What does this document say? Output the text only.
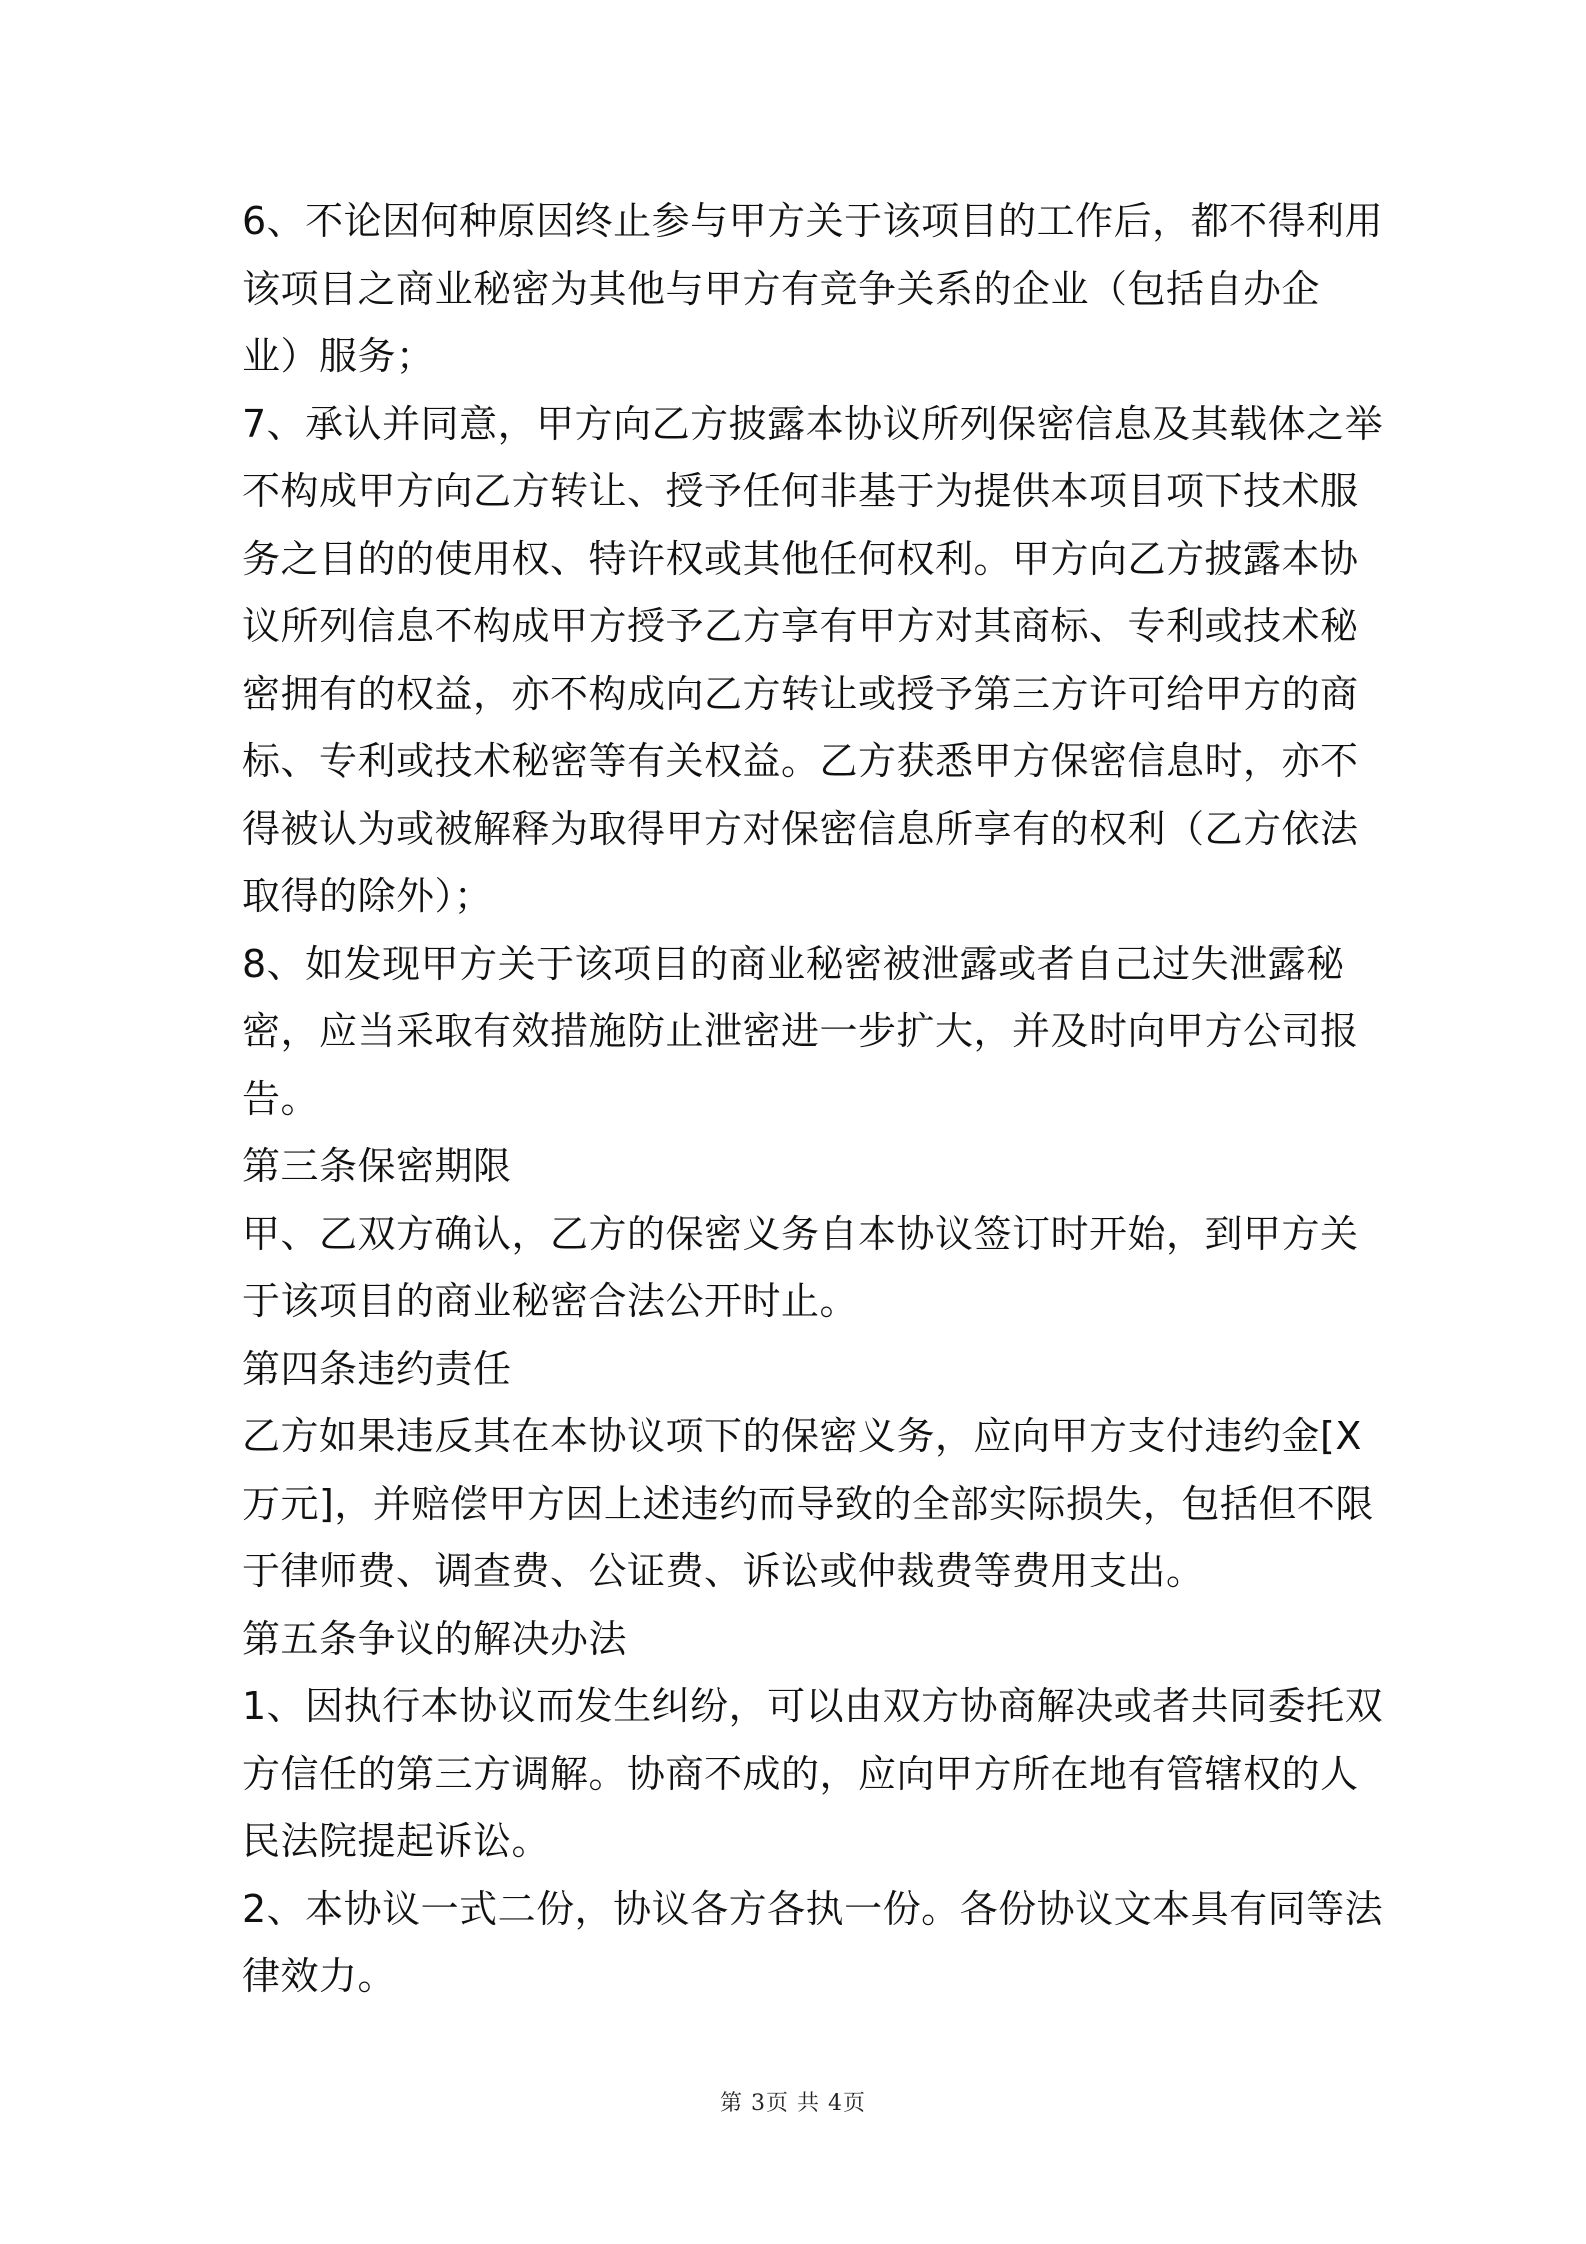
6、不论因何种原因终止参与甲方关于该项目的工作后，都不得利用
该项目之商业秘密为其他与甲方有竞争关系的企业（包括自办企
业）服务；
7、承认并同意，甲方向乙方披露本协议所列保密信息及其载体之举
不构成甲方向乙方转让、授予任何非基于为提供本项目项下技术服
务之目的的使用权、特许权或其他任何权利。甲方向乙方披露本协
议所列信息不构成甲方授予乙方享有甲方对其商标、专利或技术秘
密拥有的权益，亦不构成向乙方转让或授予第三方许可给甲方的商
标、专利或技术秘密等有关权益。乙方获悉甲方保密信息时，亦不
得被认为或被解释为取得甲方对保密信息所享有的权利（乙方依法
取得的除外）；
8、如发现甲方关于该项目的商业秘密被泄露或者自己过失泄露秘
密，应当采取有效措施防止泄密进一步扩大，并及时向甲方公司报
告。
第三条保密期限
甲、乙双方确认，乙方的保密义务自本协议签订时开始，到甲方关
于该项目的商业秘密合法公开时止。
第四条违约责任
乙方如果违反其在本协议项下的保密义务，应向甲方支付违约金[X
万元]，并赔偿甲方因上述违约而导致的全部实际损失，包括但不限
于律师费、调查费、公证费、诉讼或仲裁费等费用支出。
第五条争议的解决办法
1、因执行本协议而发生纠纷，可以由双方协商解决或者共同委托双
方信任的第三方调解。协商不成的，应向甲方所在地有管辖权的人
民法院提起诉讼。
2、本协议一式二份，协议各方各执一份。各份协议文本具有同等法
律效力。
第 3页 共 4页
